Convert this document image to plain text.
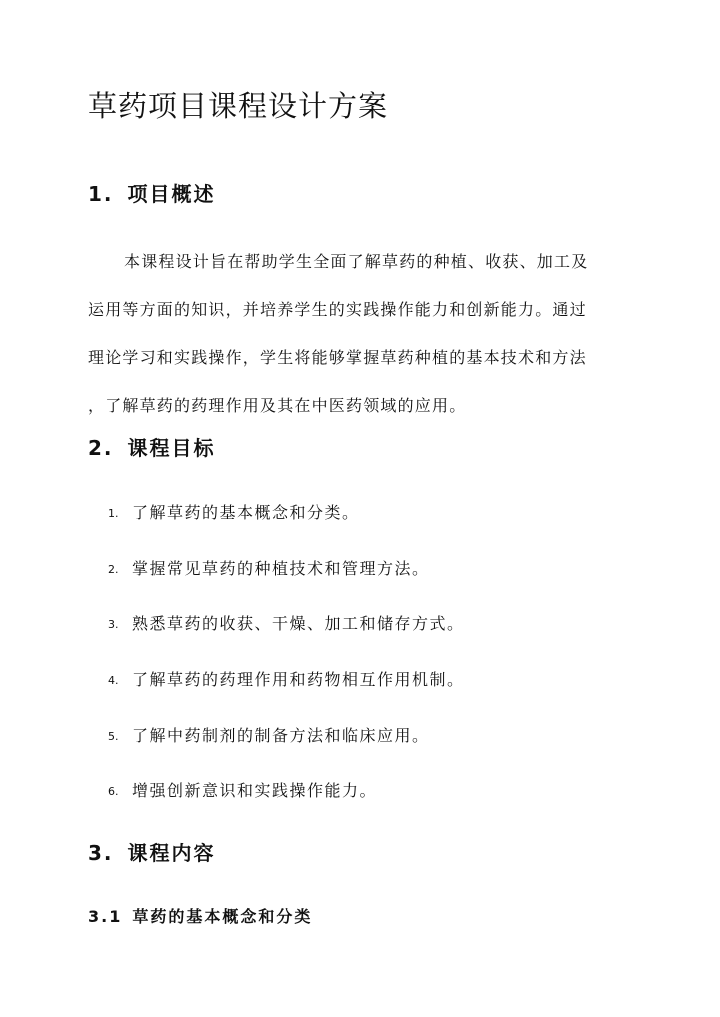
草药项目课程设计方案
1. 项目概述

本课程设计旨在帮助学生全面了解草药的种植、收获、加工及
运用等方面的知识，并培养学生的实践操作能力和创新能力。通过
理论学习和实践操作，学生将能够掌握草药种植的基本技术和方法
，了解草药的药理作用及其在中医药领域的应用。

2. 课程目标
1. 了解草药的基本概念和分类。
2. 掌握常见草药的种植技术和管理方法。
3. 熟悉草药的收获、干燥、加工和储存方式。
4. 了解草药的药理作用和药物相互作用机制。
5. 了解中药制剂的制备方法和临床应用。
6. 增强创新意识和实践操作能力。
3. 课程内容
3.1 草药的基本概念和分类
